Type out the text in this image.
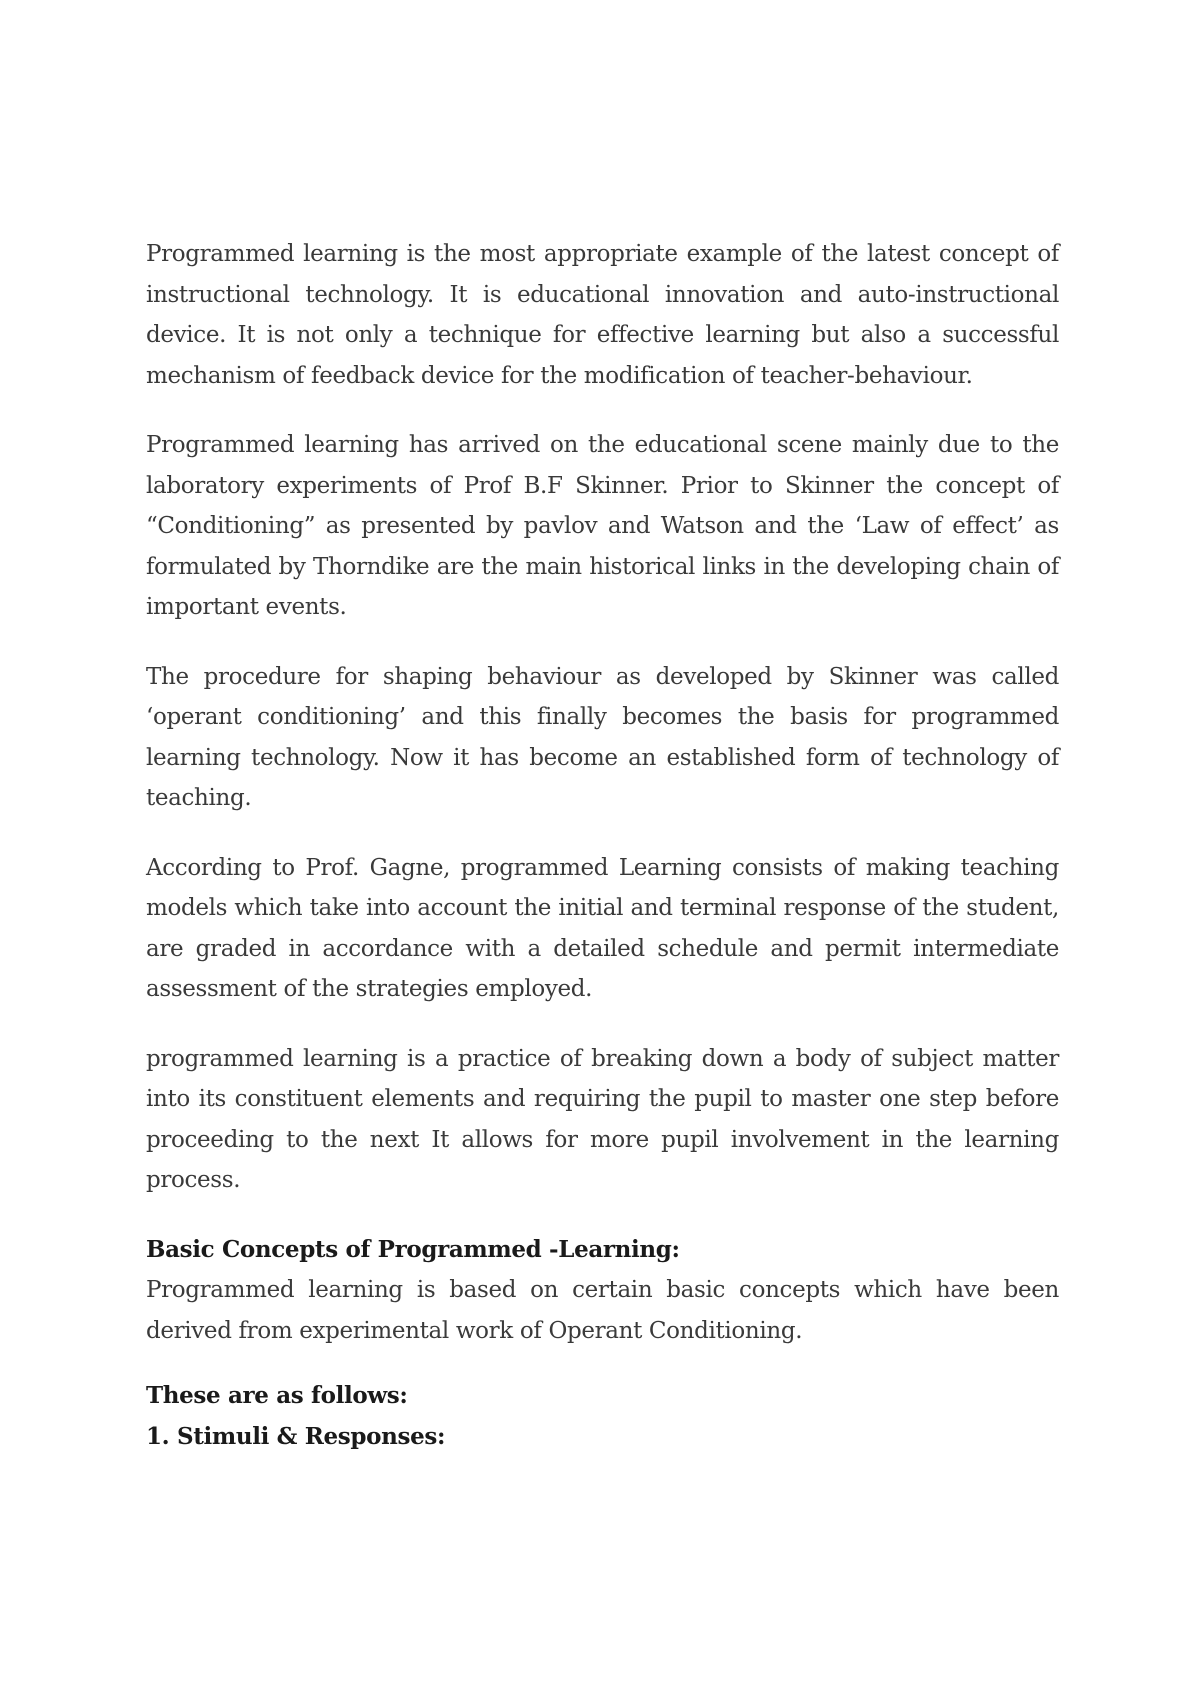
Programmed learning is the most appropriate example of the latest concept of instructional technology. It is educational innovation and auto-instructional device. It is not only a technique for effective learning but also a successful mechanism of feedback device for the modification of teacher-behaviour.

Programmed learning has arrived on the educational scene mainly due to the laboratory experiments of Prof B.F Skinner. Prior to Skinner the concept of “Conditioning” as presented by pavlov and Watson and the ‘Law of effect’ as formulated by Thorndike are the main historical links in the developing chain of important events.

The procedure for shaping behaviour as developed by Skinner was called ‘operant conditioning’ and this finally becomes the basis for programmed learning technology. Now it has become an established form of technology of teaching.

According to Prof. Gagne, programmed Learning consists of making teaching models which take into account the initial and terminal response of the student, are graded in accordance with a detailed schedule and permit intermediate assessment of the strategies employed.

programmed learning is a practice of breaking down a body of subject matter into its constituent elements and requiring the pupil to master one step before proceeding to the next It allows for more pupil involvement in the learning process.

Basic Concepts of Programmed -Learning:

Programmed learning is based on certain basic concepts which have been derived from experimental work of Operant Conditioning.

These are as follows:

1. Stimuli & Responses:
